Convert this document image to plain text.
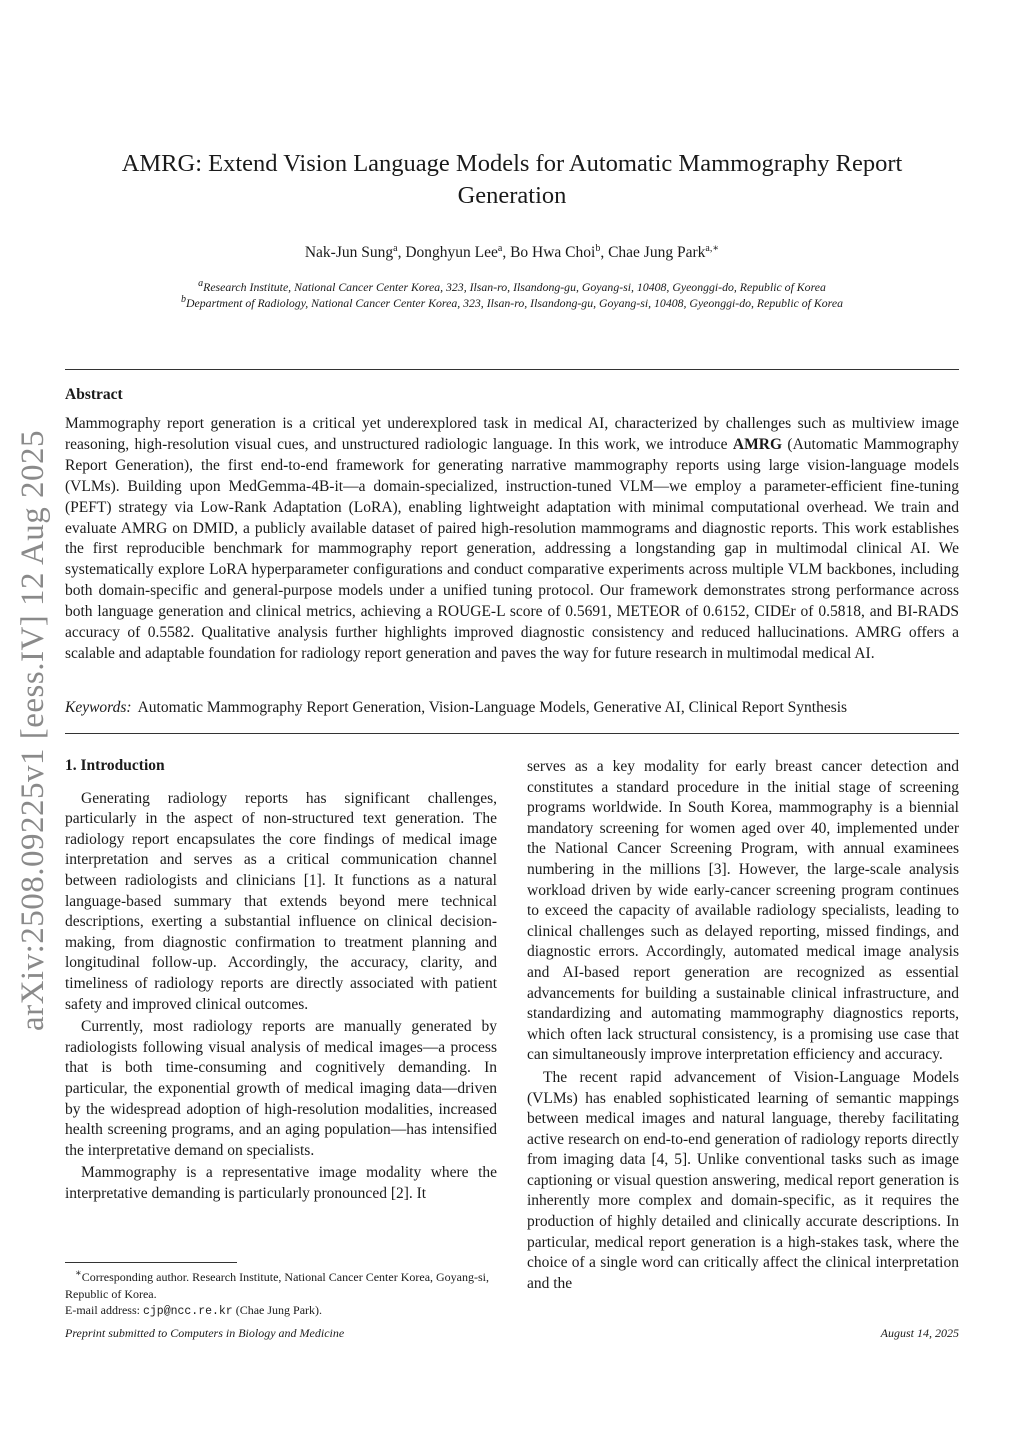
arXiv:2508.09225v1 [eess.IV] 12 Aug 2025
AMRG: Extend Vision Language Models for Automatic Mammography Report Generation
Nak-Jun Sung$^a$, Donghyun Lee$^a$, Bo Hwa Choi$^b$, Chae Jung Park$^{a,∗}$
$^a$Research Institute, National Cancer Center Korea, 323, Ilsan-ro, Ilsandong-gu, Goyang-si, 10408, Gyeonggi-do, Republic of Korea
$^b$Department of Radiology, National Cancer Center Korea, 323, Ilsan-ro, Ilsandong-gu, Goyang-si, 10408, Gyeonggi-do, Republic of Korea
Abstract

Mammography report generation is a critical yet underexplored task in medical AI, characterized by challenges such as multiview image reasoning, high-resolution visual cues, and unstructured radiologic language. In this work, we introduce AMRG (Automatic Mammography Report Generation), the first end-to-end framework for generating narrative mammography reports using large vision-language models (VLMs). Building upon MedGemma-4B-it—a domain-specialized, instruction-tuned VLM—we employ a parameter-efficient fine-tuning (PEFT) strategy via Low-Rank Adaptation (LoRA), enabling lightweight adaptation with minimal computational overhead. We train and evaluate AMRG on DMID, a publicly available dataset of paired high-resolution mammograms and diagnostic reports. This work establishes the first reproducible benchmark for mammography report generation, addressing a longstanding gap in multimodal clinical AI. We systematically explore LoRA hyperparameter configurations and conduct comparative experiments across multiple VLM backbones, including both domain-specific and general-purpose models under a unified tuning protocol. Our framework demonstrates strong performance across both language generation and clinical metrics, achieving a ROUGE-L score of 0.5691, METEOR of 0.6152, CIDEr of 0.5818, and BI-RADS accuracy of 0.5582. Qualitative analysis further highlights improved diagnostic consistency and reduced hallucinations. AMRG offers a scalable and adaptable foundation for radiology report generation and paves the way for future research in multimodal medical AI.

Keywords: Automatic Mammography Report Generation, Vision-Language Models, Generative AI, Clinical Report Synthesis

1. Introduction

Generating radiology reports has significant challenges, particularly in the aspect of non-structured text generation. The radiology report encapsulates the core findings of medical image interpretation and serves as a critical communication channel between radiologists and clinicians [1]. It functions as a natural language-based summary that extends beyond mere technical descriptions, exerting a substantial influence on clinical decision-making, from diagnostic confirmation to treatment planning and longitudinal follow-up. Accordingly, the accuracy, clarity, and timeliness of radiology reports are directly associated with patient safety and improved clinical outcomes.

Currently, most radiology reports are manually generated by radiologists following visual analysis of medical images—a process that is both time-consuming and cognitively demanding. In particular, the exponential growth of medical imaging data—driven by the widespread adoption of high-resolution modalities, increased health screening programs, and an aging population—has intensified the interpretative demand on specialists.

Mammography is a representative image modality where the interpretative demanding is particularly pronounced [2]. It

serves as a key modality for early breast cancer detection and constitutes a standard procedure in the initial stage of screening programs worldwide. In South Korea, mammography is a biennial mandatory screening for women aged over 40, implemented under the National Cancer Screening Program, with annual examinees numbering in the millions [3]. However, the large-scale analysis workload driven by wide early-cancer screening program continues to exceed the capacity of available radiology specialists, leading to clinical challenges such as delayed reporting, missed findings, and diagnostic errors. Accordingly, automated medical image analysis and AI-based report generation are recognized as essential advancements for building a sustainable clinical infrastructure, and standardizing and automating mammography diagnostics reports, which often lack structural consistency, is a promising use case that can simultaneously improve interpretation efficiency and accuracy.

The recent rapid advancement of Vision-Language Models (VLMs) has enabled sophisticated learning of semantic mappings between medical images and natural language, thereby facilitating active research on end-to-end generation of radiology reports directly from imaging data [4, 5]. Unlike conventional tasks such as image captioning or visual question answering, medical report generation is inherently more complex and domain-specific, as it requires the production of highly detailed and clinically accurate descriptions. In particular, medical report generation is a high-stakes task, where the choice of a single word can critically affect the clinical interpretation and the

∗Corresponding author. Research Institute, National Cancer Center Korea, Goyang-si, Republic of Korea.

E-mail address: cjp@ncc.re.kr (Chae Jung Park).

Preprint submitted to Computers in Biology and Medicine	August 14, 2025
